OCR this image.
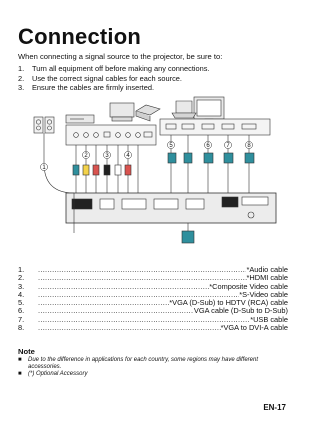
Connection
When connecting a signal source to the projector, be sure to:
1.	Turn all equipment off before making any connections.
2.	Use the correct signal cables for each source.
3.	Ensure the cables are firmly inserted.
1
2	3	4
5	6	7	8
1. .....	*Audio cable
2. .....	*HDMI cable
3. .....	*Composite Video cable
4. .....	*S-Video cable
5. .....	*VGA (D-Sub) to HDTV (RCA) cable
6. .....	VGA cable (D-Sub to D-Sub)
7. .....	*USB cable
8. .....	*VGA to DVI-A cable
Note
■	Due to the difference in applications for each country, some regions may have different accessories.
■	(*) Optional Accessory
EN-17
